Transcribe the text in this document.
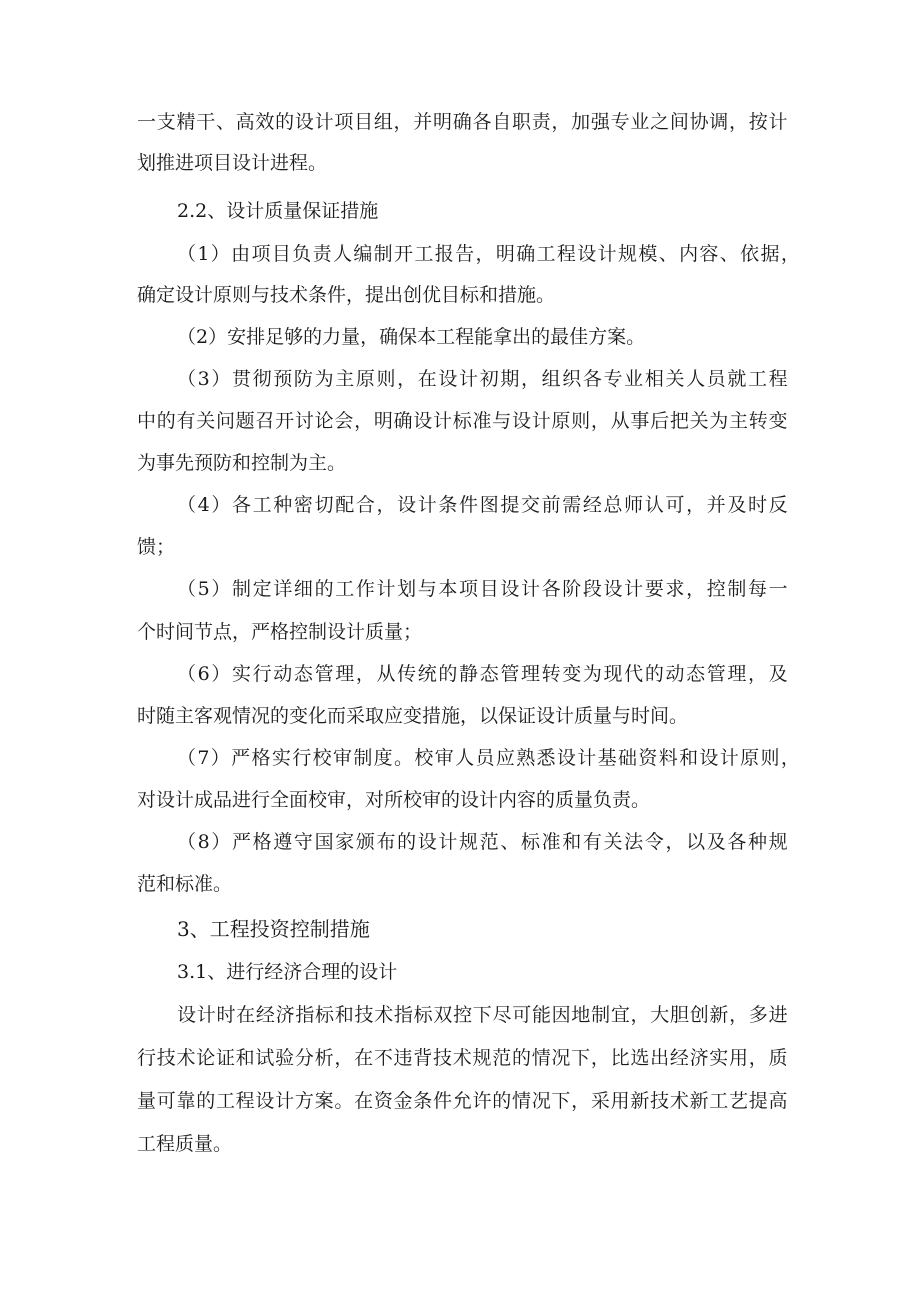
一 支 精 干 、 高 效 的 设 计 项 目 组 ， 并 明 确 各 自 职 责 ， 加 强 专 业 之 间 协 调 ， 按 计

划推进项目设计进程。

2.2、设计质量保证措施

（ 1 ） 由 项 目 负 责 人 编 制 开 工 报 告 ， 明 确 工 程 设 计 规 模 、 内 容 、 依 据 ，

确定设计原则与技术条件，提出创优目标和措施。

（2）安排足够的力量，确保本工程能拿出的最佳方案。

（ 3 ） 贯 彻 预 防 为 主 原 则 ， 在 设 计 初 期 ， 组 织 各 专 业 相 关 人 员 就 工 程

中 的 有 关 问 题 召 开 讨 论 会 ， 明 确 设 计 标 准 与 设 计 原 则 ， 从 事 后 把 关 为 主 转 变

为事先预防和控制为主。

（ 4 ） 各 工 种 密 切 配 合 ， 设 计 条 件 图 提 交 前 需 经 总 师 认 可 ， 并 及 时 反

馈；

（ 5 ） 制 定 详 细 的 工 作 计 划 与 本 项 目 设 计 各 阶 段 设 计 要 求 ， 控 制 每 一

个时间节点，严格控制设计质量；

（ 6 ） 实 行 动 态 管 理 ， 从 传 统 的 静 态 管 理 转 变 为 现 代 的 动 态 管 理 ， 及

时随主客观情况的变化而采取应变措施，以保证设计质量与时间。

（ 7 ） 严 格 实 行 校 审 制 度 。 校 审 人 员 应 熟 悉 设 计 基 础 资 料 和 设 计 原 则 ，

对设计成品进行全面校审，对所校审的设计内容的质量负责。

（ 8 ） 严 格 遵 守 国 家 颁 布 的 设 计 规 范 、 标 准 和 有 关 法 令 ， 以 及 各 种 规

范和标准。

3、工程投资控制措施

3.1、进行经济合理的设计

设 计 时 在 经 济 指 标 和 技 术 指 标 双 控 下 尽 可 能 因 地 制 宜 ， 大 胆 创 新 ， 多 进

行 技 术 论 证 和 试 验 分 析 ， 在 不 违 背 技 术 规 范 的 情 况 下 ， 比 选 出 经 济 实 用 ， 质

量 可 靠 的 工 程 设 计 方 案 。 在 资 金 条 件 允 许 的 情 况 下 ， 采 用 新 技 术 新 工 艺 提 高

工程质量。
